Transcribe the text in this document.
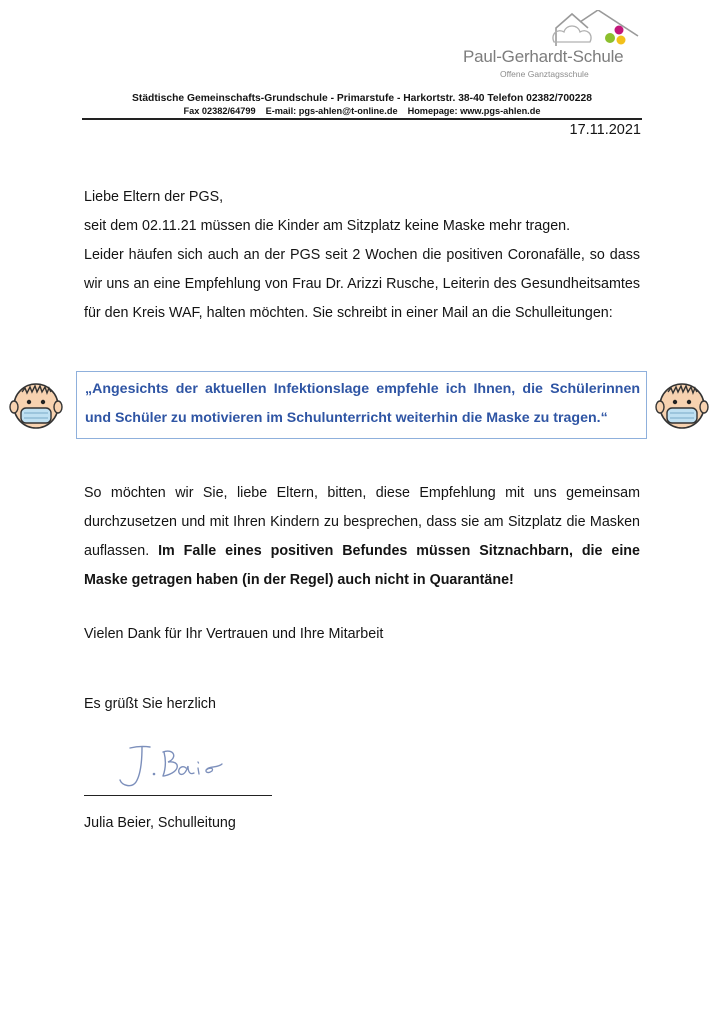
Paul-Gerhardt-Schule
Offene Ganztagsschule
Städtische Gemeinschafts-Grundschule - Primarstufe - Harkortstr. 38-40 Telefon 02382/700228
Fax 02382/64799 E-mail: pgs-ahlen@t-online.de Homepage: www.pgs-ahlen.de
17.11.2021
Liebe Eltern der PGS,
seit dem 02.11.21 müssen die Kinder am Sitzplatz keine Maske mehr tragen.
Leider häufen sich auch an der PGS seit 2 Wochen die positiven Coronafälle, so dass wir uns an eine Empfehlung von Frau Dr. Arizzi Rusche, Leiterin des Gesundheitsamtes für den Kreis WAF, halten möchten. Sie schreibt in einer Mail an die Schulleitungen:
„Angesichts der aktuellen Infektionslage empfehle ich Ihnen, die Schülerinnen und Schüler zu motivieren im Schulunterricht weiterhin die Maske zu tragen.“
So möchten wir Sie, liebe Eltern, bitten, diese Empfehlung mit uns gemeinsam durchzusetzen und mit Ihren Kindern zu besprechen, dass sie am Sitzplatz die Masken auflassen. Im Falle eines positiven Befundes müssen Sitznachbarn, die eine Maske getragen haben (in der Regel) auch nicht in Quarantäne!
Vielen Dank für Ihr Vertrauen und Ihre Mitarbeit
Es grüßt Sie herzlich
Julia Beier, Schulleitung
